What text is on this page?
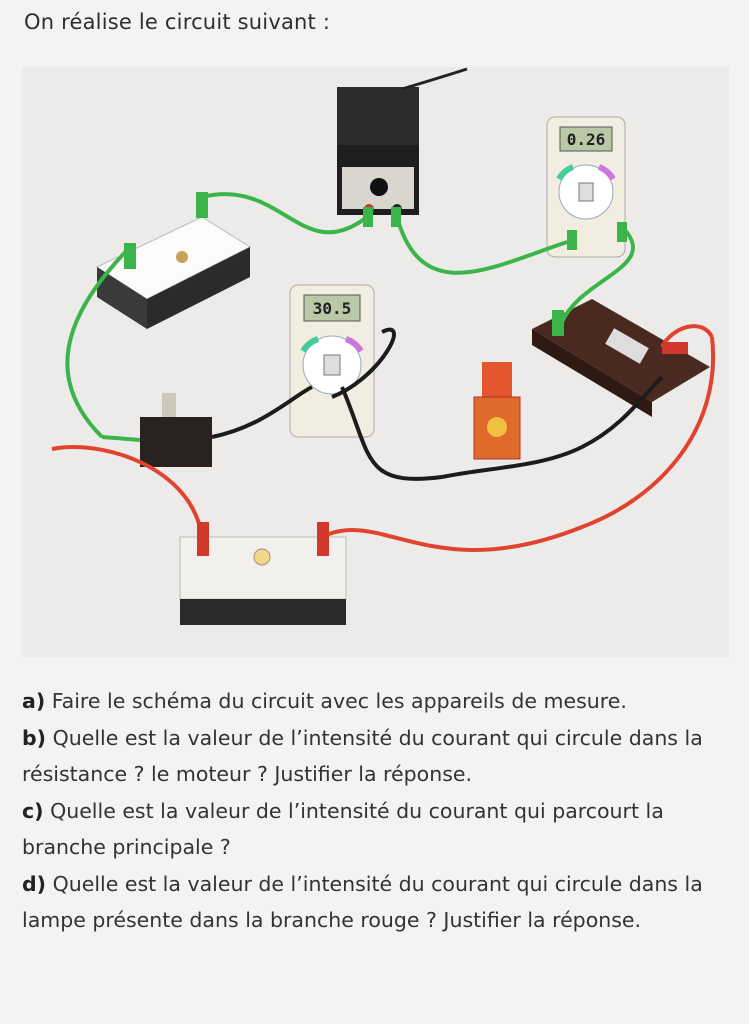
On réalise le circuit suivant :
0.26
30.5

a) Faire le schéma du circuit avec les appareils de mesure.

b) Quelle est la valeur de l’intensité du courant qui circule dans la résistance ? le moteur ? Justifier la réponse.

c) Quelle est la valeur de l’intensité du courant qui parcourt la branche principale ?

d) Quelle est la valeur de l’intensité du courant qui circule dans la lampe présente dans la branche rouge ? Justifier la réponse.
